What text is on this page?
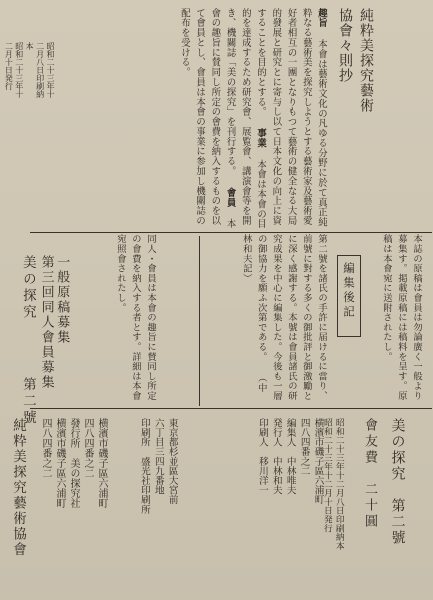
昭和二十三年十二月八日印刷納本
昭和二十三年十二月十日発行
美の探究  第二號
純粋美探究藝術
協會々則抄
趣旨 本會は藝術文化の凡ゆる分野に於て真正純粋なる藝術美を探究しようとする藝術家及藝術愛好者相互の一團となりもつて藝術の健全なる大局的發展と研究とに寄与し以て日本文化の向上に資することを目的とする。 事業 本會は本會の目的を達成するため研究會、展覧會、講演會等を開き、機關誌「美の探究」を刊行する。 會員 本會の趣旨に賛同し所定の會費を納入するものを以て會員とし、會員は本會の事業に参加し機關誌の配布を受ける。
本誌の原稿は會員は勿論廣く一般より募集す。掲載原稿には稿料を呈す。原稿は本會宛に送附されたし。
編集後記
第二號を諸氏の手許に届けるに當り、前號に對する多くの御批評と御激勵とに深く感謝する。本號は會員諸氏の研究成果を中心に編集した。今後も一層の御協力を願ふ次第である。 （中林和夫記）
同人・會員は本會の趣旨に賛同し所定の會費を納入する者とす。詳細は本會宛照會されたし。
一般原稿募集
第三回同人會員募集
美の探究　第二號
會友費　二十圓
昭和二十三年十二月八日印刷納本
昭和二十三年十二月十日発行
横濱市磯子區六浦町
四八四番之二
編集人　中林唯夫
発行人　中林和夫
印刷人　移川洋一
東京都杉並區大宮前
六丁目三四九番地
印刷所　盛光社印刷所
横濱市磯子區六浦町
四八四番之二
發行所　美の探究社
横濱市磯子區六浦町
四八四番之二
純粋美探究藝術協會
